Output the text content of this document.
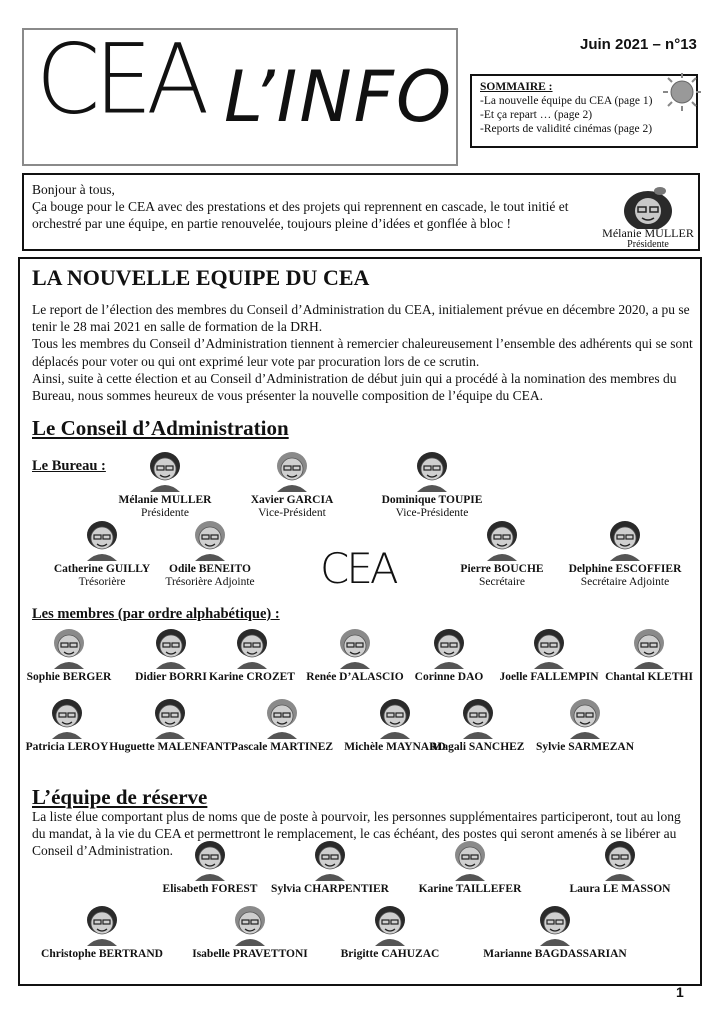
CEA L’INFO
Juin 2021 – n°13
SOMMAIRE :
-La nouvelle équipe du CEA (page 1)
-Et ça repart … (page 2)
-Reports de validité cinémas (page 2)
Bonjour à tous,
Ça bouge pour le CEA avec des prestations et des projets qui reprennent en cascade, le tout initié et orchestré par une équipe, en partie renouvelée, toujours pleine d’idées et gonflée à bloc !
Mélanie MULLER
Présidente
LA NOUVELLE EQUIPE DU CEA
Le report de l’élection des membres du Conseil d’Administration du CEA, initialement prévue en décembre 2020, a pu se tenir le 28 mai 2021 en salle de formation de la DRH.
Tous les membres du Conseil d’Administration tiennent à remercier chaleureusement l’ensemble des adhérents qui se sont déplacés pour voter ou qui ont exprimé leur vote par procuration lors de ce scrutin.
Ainsi, suite à cette élection et au Conseil d’Administration de début juin qui a procédé à la nomination des membres du Bureau, nous sommes heureux de vous présenter la nouvelle composition de l’équipe du CEA.
Le Conseil d’Administration
Le Bureau :
CEA
Les membres (par ordre alphabétique) :
L’équipe de réserve
La liste élue comportant plus de noms que de poste à pourvoir, les personnes supplémentaires participeront, tout au long du mandat, à la vie du CEA et permettront le remplacement, le cas échéant, des postes qui seront amenés à se libérer au Conseil d’Administration.
Mélanie MULLER
Présidente
Xavier GARCIA
Vice-Président
Dominique TOUPIE
Vice-Présidente
Catherine GUILLY
Trésorière
Odile BENEITO
Trésorière Adjointe
Pierre BOUCHE
Secrétaire
Delphine ESCOFFIER
Secrétaire Adjointe
Sophie BERGER	Didier BORRI Karine CROZET Renée D’ALASCIO Corinne DAO	Joelle FALLEMPIN Chantal KLETHI
Patricia LEROY Huguette MALENFANT Pascale MARTINEZ Michèle MAYNARD
Magali SANCHEZ Sylvie SARMEZAN
Elisabeth FOREST	Sylvia CHARPENTIER	Karine TAILLEFER	Laura LE MASSON
Christophe BERTRAND	Isabelle PRAVETTONI	Brigitte CAHUZAC	Marianne BAGDASSARIAN
1
